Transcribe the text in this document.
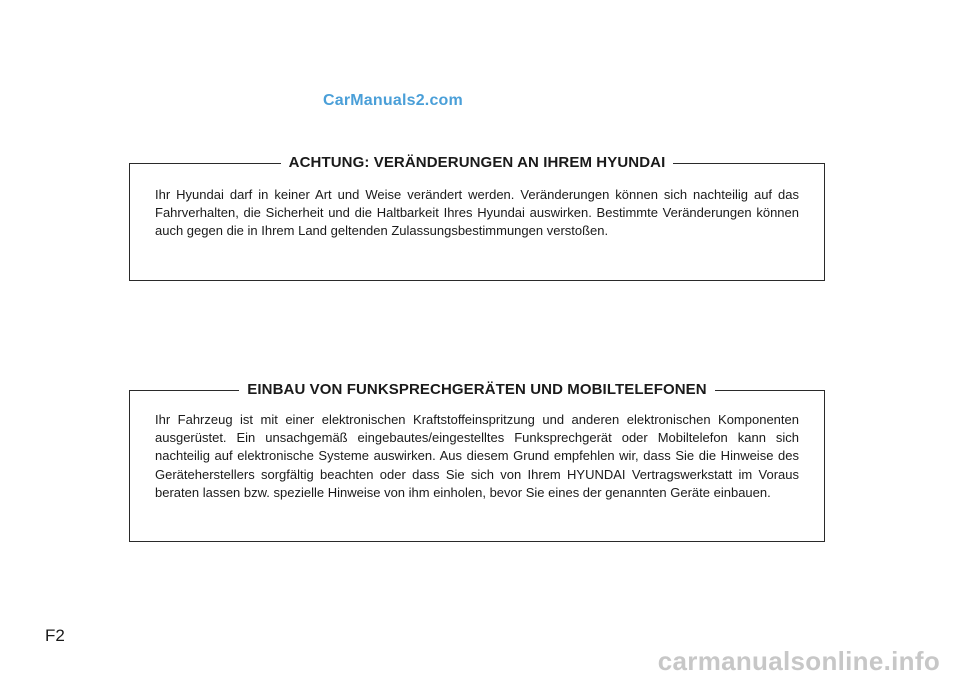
CarManuals2.com
ACHTUNG: VERÄNDERUNGEN AN IHREM HYUNDAI

Ihr Hyundai darf in keiner Art und Weise verändert werden. Veränderungen können sich nachteilig auf das Fahrverhalten, die Sicherheit und die Haltbarkeit Ihres Hyundai auswirken. Bestimmte Veränderungen können auch gegen die in Ihrem Land geltenden Zulassungsbestimmungen verstoßen.

EINBAU VON FUNKSPRECHGERÄTEN UND MOBILTELEFONEN

Ihr Fahrzeug ist mit einer elektronischen Kraftstoffeinspritzung und anderen elektronischen Komponenten ausgerüstet. Ein unsachgemäß eingebautes/eingestelltes Funksprechgerät oder Mobiltelefon kann sich nachteilig auf elektronische Systeme auswirken. Aus diesem Grund empfehlen wir, dass Sie die Hinweise des Geräteherstellers sorgfältig beachten oder dass Sie sich von Ihrem HYUNDAI Vertragswerkstatt im Voraus beraten lassen bzw. spezielle Hinweise von ihm einholen, bevor Sie eines der genannten Geräte einbauen.

F2
carmanualsonline.info
